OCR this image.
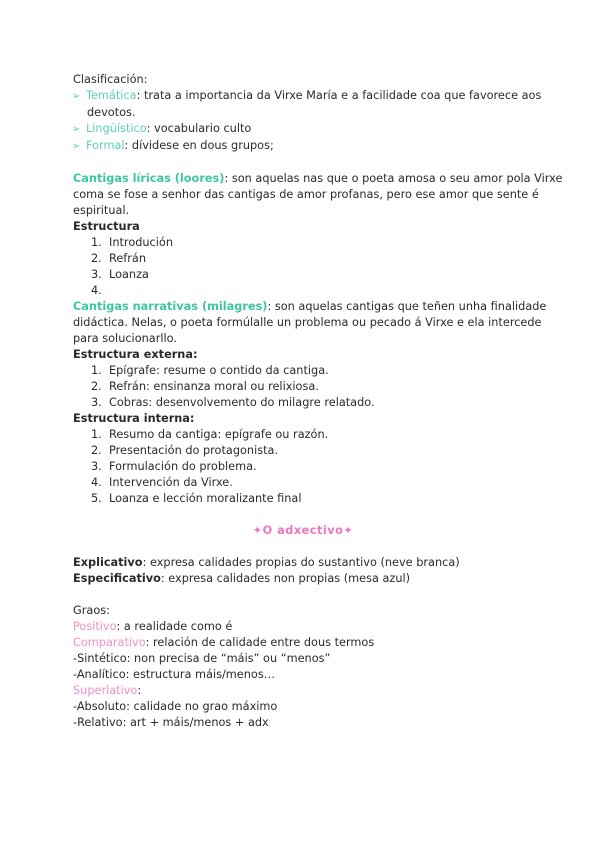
Clasificación:
➢ Temática: trata a importancia da Virxe María e a facilidade coa que favorece aos
devotos.
➢ Lingüístico: vocabulario culto
➢ Formal: dívidese en dous grupos;
Cantigas líricas (loores): son aquelas nas que o poeta amosa o seu amor pola Virxe
coma se fose a senhor das cantigas de amor profanas, pero ese amor que sente é
espiritual.
Estructura
1. Introdución
2. Refrán
3. Loanza
4.
Cantigas narrativas (milagres): son aquelas cantigas que teñen unha finalidade
didáctica. Nelas, o poeta formúlalle un problema ou pecado á Virxe e ela intercede
para solucionarllo.
Estructura externa:
1. Epígrafe: resume o contido da cantiga.
2. Refrán: ensinanza moral ou relixiosa.
3. Cobras: desenvolvemento do milagre relatado.
Estructura interna:
1. Resumo da cantiga: epígrafe ou razón.
2. Presentación do protagonista.
3. Formulación do problema.
4. Intervención da Virxe.
5. Loanza e lección moralizante final
✦O adxectivo✦
Explicativo: expresa calidades propias do sustantivo (neve branca)
Especificativo: expresa calidades non propias (mesa azul)
Graos:
Positivo: a realidade como é
Comparativo: relación de calidade entre dous termos
-Sintético: non precisa de “máis” ou “menos”
-Analítico: estructura máis/menos…
Superlativo:
-Absoluto: calidade no grao máximo
-Relativo: art + máis/menos + adx
